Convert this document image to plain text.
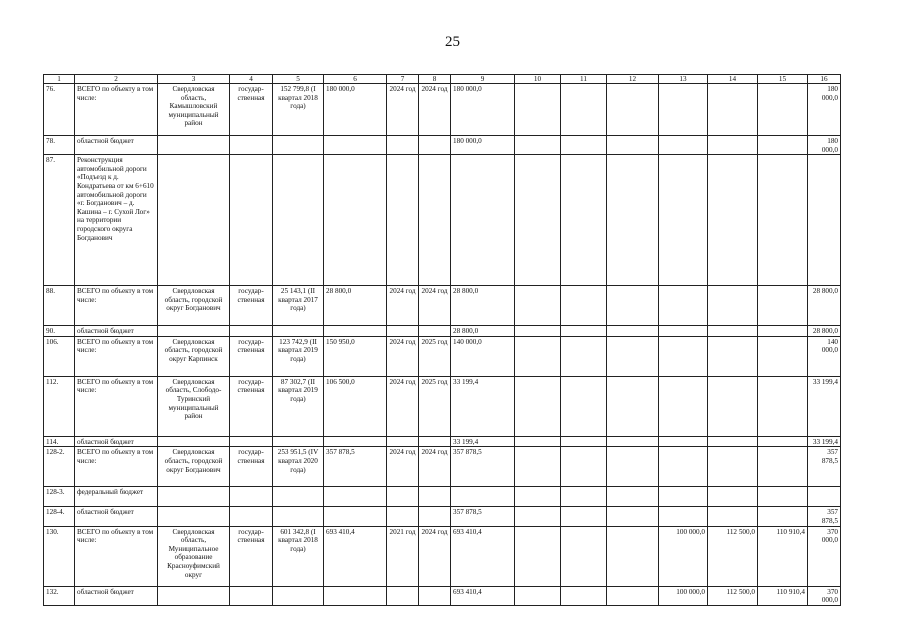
25
1	2	3	4	5	6	7	8	9	10	11	12	13	14	15	16
76.	ВСЕГО по объекту в том числе:	Свердловская область, Камышловский муниципальный район	государ- ственная	152 799,8 (I квартал 2018 года)	180 000,0	2024 год	2024 год	180 000,0							180 000,0
78.	областной бюджет							180 000,0							180 000,0
87.	Реконструкция автомобильной дороги «Подъезд к д. Кондратьева от км 6+610 автомобильной дороги «г. Богданович – д. Кашина – г. Сухой Лог» на территории городского округа Богданович														
88.	ВСЕГО по объекту в том числе:	Свердловская область, городской округ Богданович	государ- ственная	25 143,1 (II квартал 2017 года)	28 800,0	2024 год	2024 год	28 800,0							28 800,0
90.	областной бюджет							28 800,0							28 800,0
106.	ВСЕГО по объекту в том числе:	Свердловская область, городской округ Карпинск	государ- ственная	123 742,9 (II квартал 2019 года)	150 950,0	2024 год	2025 год	140 000,0							140 000,0
112.	ВСЕГО по объекту в том числе:	Свердловская область, Слободо-Туринский муниципальный район	государ- ственная	87 302,7 (II квартал 2019 года)	106 500,0	2024 год	2025 год	33 199,4							33 199,4
114.	областной бюджет							33 199,4							33 199,4
128-2.	ВСЕГО по объекту в том числе:	Свердловская область, городской округ Богданович	государ- ственная	253 951,5 (IV квартал 2020 года)	357 878,5	2024 год	2024 год	357 878,5							357 878,5
128-3.	федеральный бюджет														
128-4.	областной бюджет							357 878,5							357 878,5
130.	ВСЕГО по объекту в том числе:	Свердловская область, Муниципальное образование Красноуфимский округ	государ- ственная	601 342,8 (I квартал 2018 года)	693 410,4	2021 год	2024 год	693 410,4				100 000,0	112 500,0	110 910,4	370 000,0
132.	областной бюджет							693 410,4				100 000,0	112 500,0	110 910,4	370 000,0
